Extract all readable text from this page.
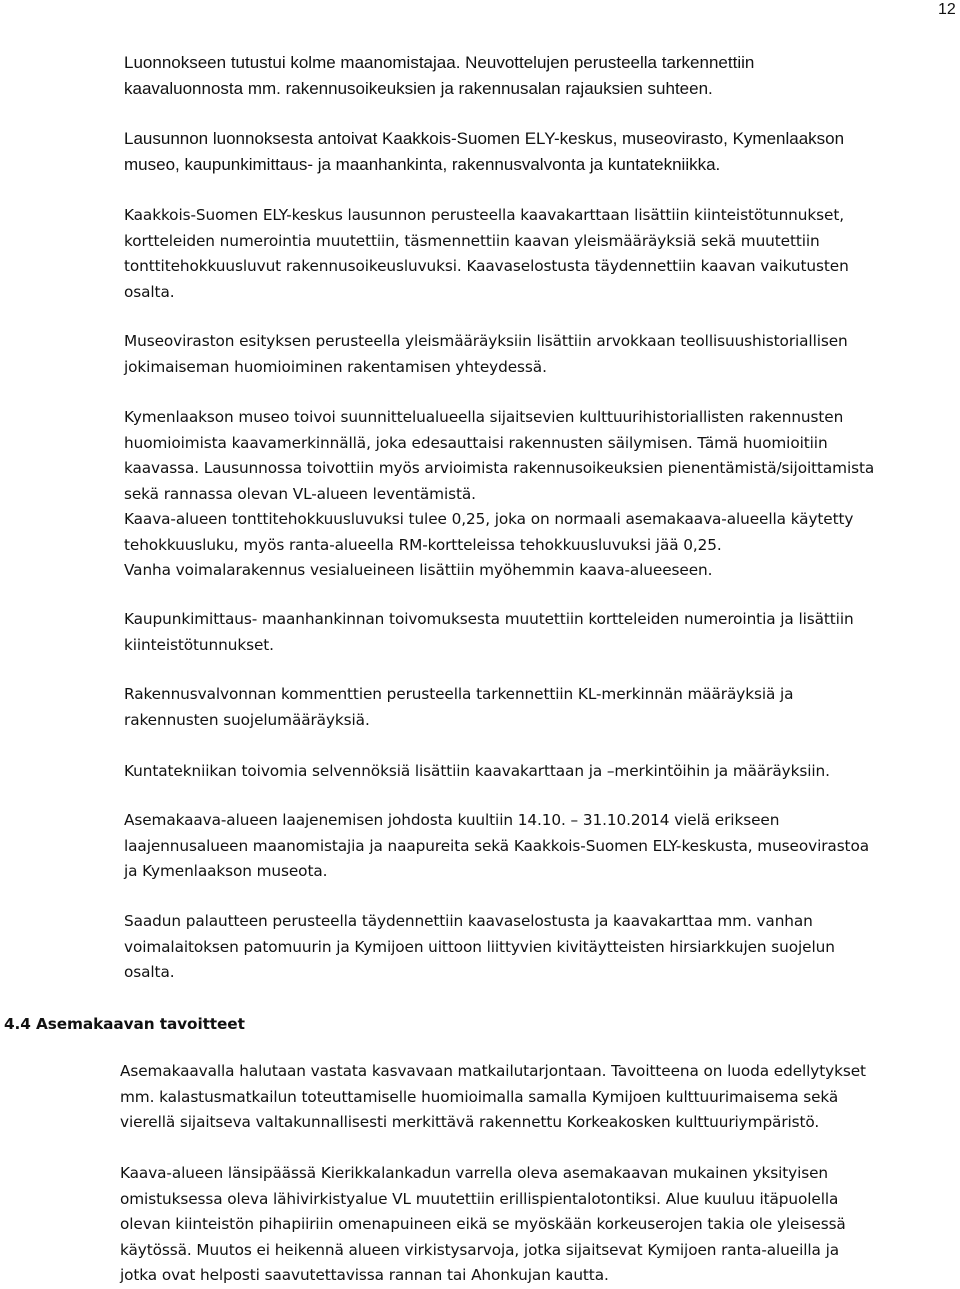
12

Luonnokseen tutustui kolme maanomistajaa. Neuvottelujen perusteella tarkennettiin
kaavaluonnosta mm. rakennusoikeuksien ja rakennusalan rajauksien suhteen.

Lausunnon luonnoksesta antoivat Kaakkois-Suomen ELY-keskus, museovirasto, Kymenlaakson
museo, kaupunkimittaus- ja maanhankinta, rakennusvalvonta ja kuntatekniikka.

Kaakkois-Suomen ELY-keskus lausunnon perusteella kaavakarttaan lisättiin kiinteistötunnukset,
kortteleiden numerointia muutettiin, täsmennettiin kaavan yleismääräyksiä sekä muutettiin
tonttitehokkuusluvut rakennusoikeusluvuksi. Kaavaselostusta täydennettiin kaavan vaikutusten
osalta.

Museoviraston esityksen perusteella yleismääräyksiin lisättiin arvokkaan teollisuushistoriallisen
jokimaiseman huomioiminen rakentamisen yhteydessä.

Kymenlaakson museo toivoi suunnittelualueella sijaitsevien kulttuurihistoriallisten rakennusten
huomioimista kaavamerkinnällä, joka edesauttaisi rakennusten säilymisen. Tämä huomioitiin
kaavassa. Lausunnossa toivottiin myös arvioimista rakennusoikeuksien pienentämistä/sijoittamista
sekä rannassa olevan VL-alueen leventämistä.
Kaava-alueen tonttitehokkuusluvuksi tulee 0,25, joka on normaali asemakaava-alueella käytetty
tehokkuusluku, myös ranta-alueella RM-kortteleissa tehokkuusluvuksi jää 0,25.
Vanha voimalarakennus vesialueineen lisättiin myöhemmin kaava-alueeseen.

Kaupunkimittaus- maanhankinnan toivomuksesta muutettiin kortteleiden numerointia ja lisättiin
kiinteistötunnukset.

Rakennusvalvonnan kommenttien perusteella tarkennettiin KL-merkinnän määräyksiä ja
rakennusten suojelumääräyksiä.

Kuntatekniikan toivomia selvennöksiä lisättiin kaavakarttaan ja –merkintöihin ja määräyksiin.

Asemakaava-alueen laajenemisen johdosta kuultiin 14.10. – 31.10.2014 vielä erikseen
laajennusalueen maanomistajia ja naapureita sekä Kaakkois-Suomen ELY-keskusta, museovirastoa
ja Kymenlaakson museota.

Saadun palautteen perusteella täydennettiin kaavaselostusta ja kaavakarttaa mm. vanhan
voimalaitoksen patomuurin ja Kymijoen uittoon liittyvien kivitäytteisten hirsiarkkujen suojelun
osalta.

4.4 Asemakaavan tavoitteet

Asemakaavalla halutaan vastata kasvavaan matkailutarjontaan. Tavoitteena on luoda edellytykset
mm. kalastusmatkailun toteuttamiselle huomioimalla samalla Kymijoen kulttuurimaisema sekä
vierellä sijaitseva valtakunnallisesti merkittävä rakennettu Korkeakosken kulttuuriympäristö.

Kaava-alueen länsipäässä Kierikkalankadun varrella oleva asemakaavan mukainen yksityisen
omistuksessa oleva lähivirkistyalue VL muutettiin erillispientalotontiksi. Alue kuuluu itäpuolella
olevan kiinteistön pihapiiriin omenapuineen eikä se myöskään korkeuserojen takia ole yleisessä
käytössä. Muutos ei heikennä alueen virkistysarvoja, jotka sijaitsevat Kymijoen ranta-alueilla ja
jotka ovat helposti saavutettavissa rannan tai Ahonkujan kautta.
